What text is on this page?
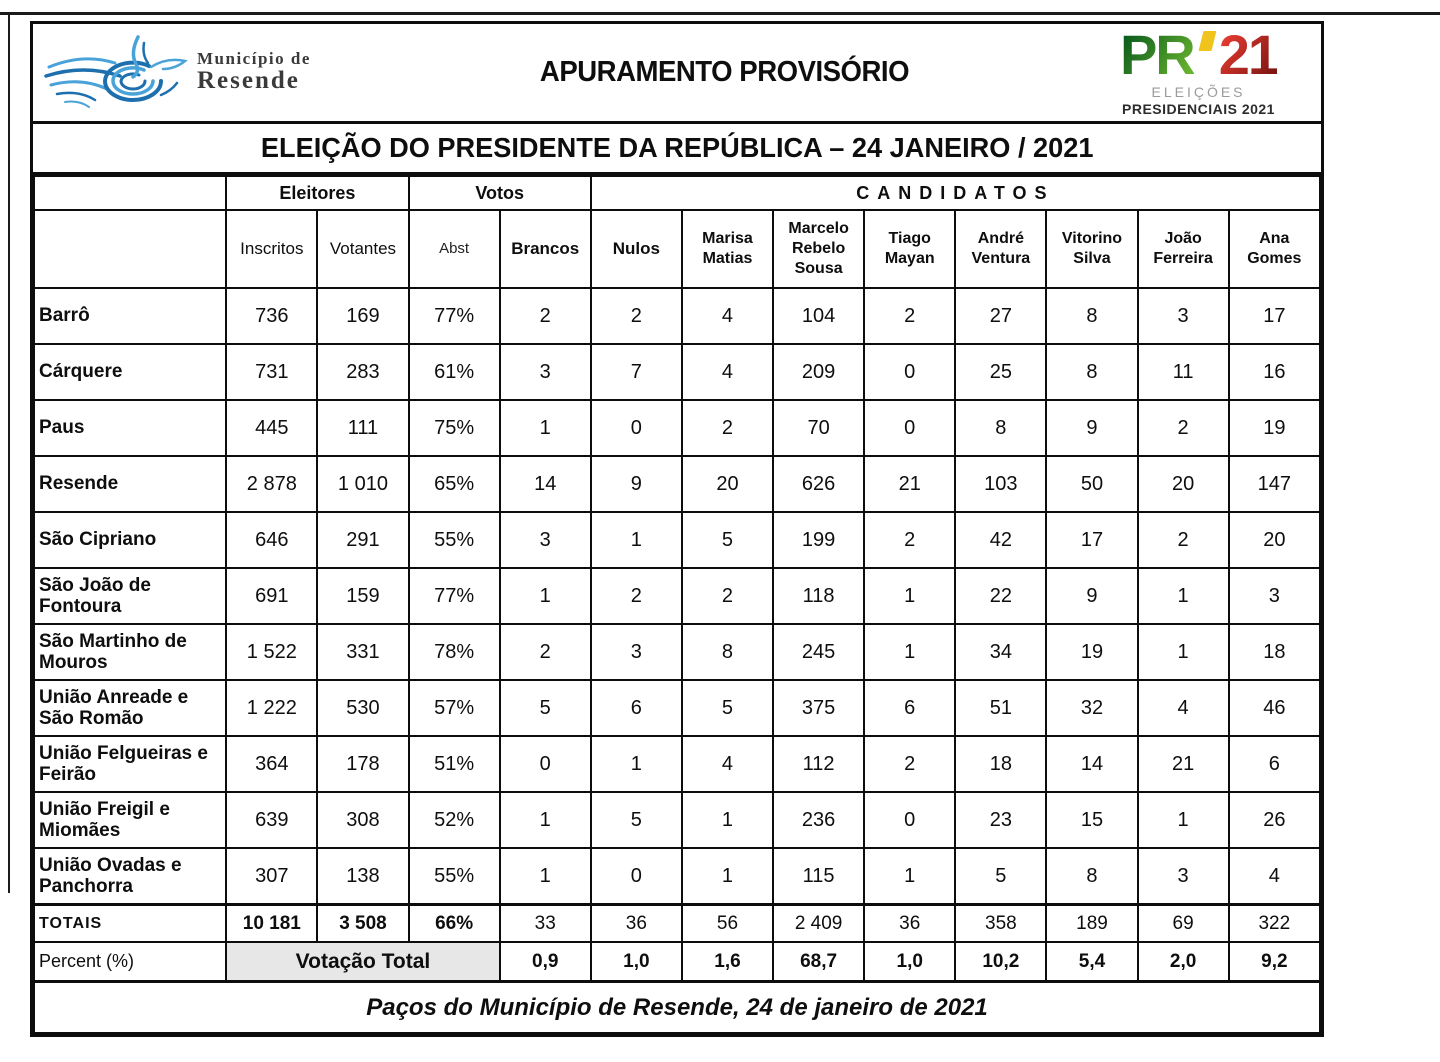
Município de
Resende	APURAMENTO PROVISÓRIO	PR 21
ELEIÇÕES
PRESIDENCIAIS 2021
ELEIÇÃO DO PRESIDENTE DA REPÚBLICA – 24 JANEIRO / 2021
	Eleitores		Votos		CANDIDATOS							
	Inscritos	Votantes	Abst	Brancos	Nulos	Marisa Matias	Marcelo Rebelo Sousa	Tiago Mayan	André Ventura	Vitorino Silva	João Ferreira	Ana Gomes
Barrô	736	169	77%	2	2	4	104	2	27	8	3	17
Cárquere	731	283	61%	3	7	4	209	0	25	8	11	16
Paus	445	111	75%	1	0	2	70	0	8	9	2	19
Resende	2 878	1 010	65%	14	9	20	626	21	103	50	20	147
São Cipriano	646	291	55%	3	1	5	199	2	42	17	2	20
São João de Fontoura	691	159	77%	1	2	2	118	1	22	9	1	3
São Martinho de Mouros	1 522	331	78%	2	3	8	245	1	34	19	1	18
União Anreade e São Romão	1 222	530	57%	5	6	5	375	6	51	32	4	46
União Felgueiras e Feirão	364	178	51%	0	1	4	112	2	18	14	21	6
União Freigil e Miomães	639	308	52%	1	5	1	236	0	23	15	1	26
União Ovadas e Panchorra	307	138	55%	1	0	1	115	1	5	8	3	4
TOTAIS	10 181	3 508	66%	33	36	56	2 409	36	358	189	69	322
Percent (%)	Votação Total			0,9	1,0	1,6	68,7	1,0	10,2	5,4	2,0	9,2
Paços do Município de Resende, 24 de janeiro de 2021												
